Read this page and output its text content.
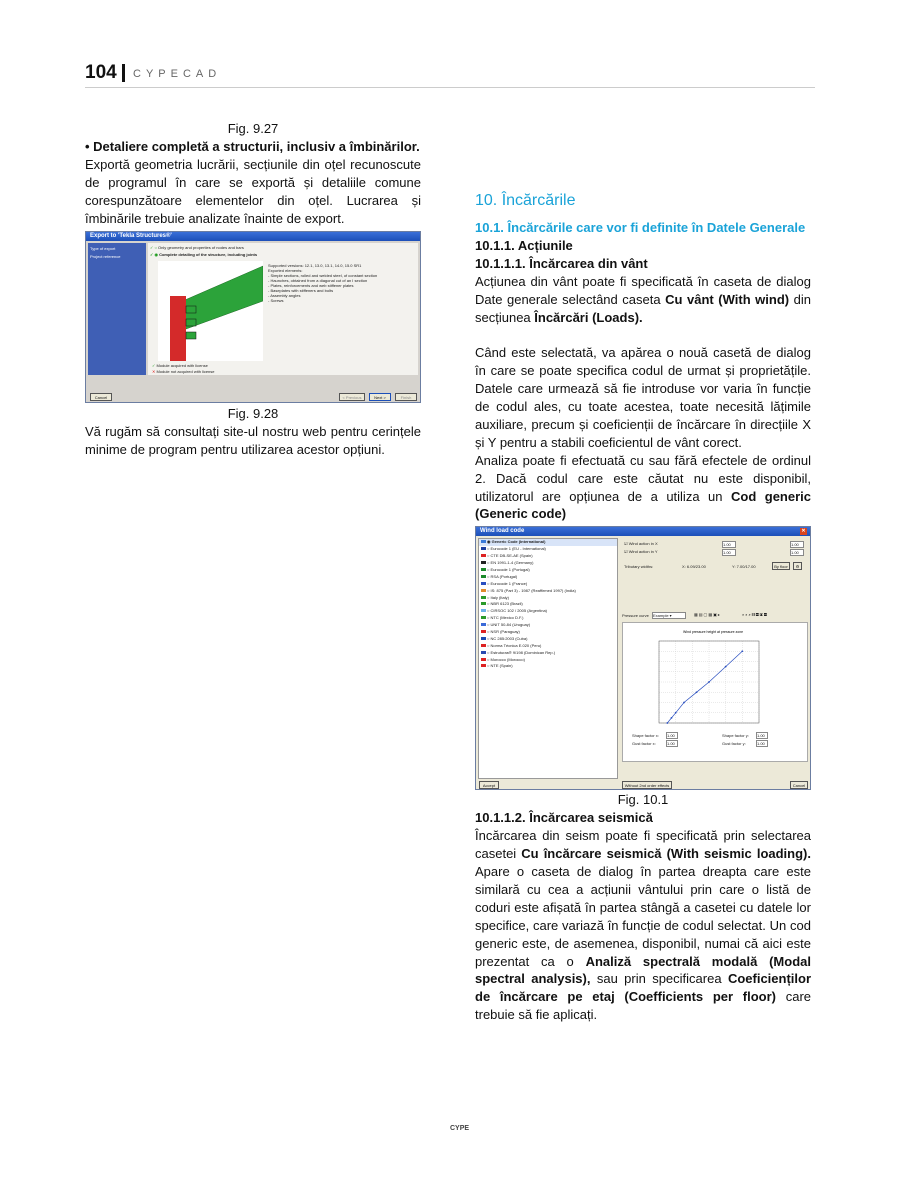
104 CYPECAD

Fig. 9.27

• Detaliere completă a structurii, inclusiv a îmbinărilor.

Exportă geometria lucrării, secțiunile din oțel recunoscute de programul în care se exportă și detaliile comune corespunzătoare elementelor din oțel. Lucrarea și îmbinările trebuie analizate înainte de export.

Export to 'Tekla Structures®'
Type of export
Project reference
✓ ○ Only geometry and properties of nodes and bars
✓ ◉ Complete detailing of the structure, including joints
Supported versions: 12.1, 13.0, 13.1, 14.0, 15.0 SR1
Exported elements:
- Simple sections, rolled and welded steel, of constant section
- Haunches, obtained from a diagonal cut of an I section
- Plates, reinforcements and web stiffener plates
- Baseplates with stiffeners and bolts
- Assembly angles
- Screws
✓ Module acquired with license
✕ Module not acquired with license
Cancel	< Previous	Next >	Finish

Fig. 9.28

Vă rugăm să consultați site-ul nostru web pentru cerințele minime de program pentru utilizarea acestor opțiuni.

10. Încărcările

10.1. Încărcările care vor fi definite în Datele Generale

10.1.1. Acțiunile

10.1.1.1. Încărcarea din vânt

Acțiunea din vânt poate fi specificată în caseta de dialog Date generale selectând caseta Cu vânt (With wind) din secțiunea Încărcări (Loads).

Când este selectată, va apărea o nouă casetă de dialog în care se poate specifica codul de urmat și proprietățile. Datele care urmează să fie introduse vor varia în funcție de codul ales, cu toate acestea, toate necesită lățimile auxiliare, precum și coeficienții de încărcare în direcțiile X și Y pentru a stabili coeficientul de vânt corect.

Analiza poate fi efectuată cu sau fără efectele de ordinul 2. Dacă codul care este căutat nu este disponibil, utilizatorul are opțiunea de a utiliza un Cod generic (Generic code)

Wind load code	✕
◉ Generic Code (International)
○ Eurocode 1 (EU - International)
○ CTE DB-SE-AE (Spain)
○ EN 1991-1-4 (Germany)
○ Eurocode 1 (Portugal)
○ RSA (Portugal)
○ Eurocode 1 (France)
○ IS: 875 (Part 3) - 1987 (Reaffirmed 1997) (India)
○ Italy (Italy)
○ NBR 6123 (Brazil)
○ CIRSOC 102 / 2005 (Argentina)
○ NTC (Mexico D.F.)
○ UNIT 50-84 (Uruguay)
○ NSR (Paraguay)
○ NC 285:2003 (Cuba)
○ Norma Técnica E.020 (Peru)
○ Estruturas® 9/198 (Dominican Rep.)
○ Morocco (Morocco)
○ NTE (Spain)
☑ Wind action in X
☑ Wind action in Y
1.00
1.00
1.00
1.00
Tributary widths:	X: 6.09/23.00	Y: 7.00/17.00	By floor	⚙
Pressure curve Example ▾	▦▤▢▦▣▸	⌕⌕⌕▨▤▣▦
Wind pressure height at pressure zone
Shape factor x: 1.00
Gust factor x:	1.00
Shape factor y: 1.00
Gust factor y:	1.00
Accept	Without 2nd order effects	Cancel

Fig. 10.1

10.1.1.2. Încărcarea seismică

Încărcarea din seism poate fi specificată prin selectarea casetei Cu încărcare seismică (With seismic loading). Apare o caseta de dialog în partea dreapta care este similară cu cea a acțiunii vântului prin care o listă de coduri este afișată în partea stângă a casetei cu datele lor specifice, care variază în funcție de codul selectat. Un cod generic este, de asemenea, disponibil, numai că aici este prezentat ca o Analiză spectrală modală (Modal spectral analysis), sau prin specificarea Coeficienților de încărcare pe etaj (Coefficients per floor) care trebuie să fie aplicați.

CYPE
